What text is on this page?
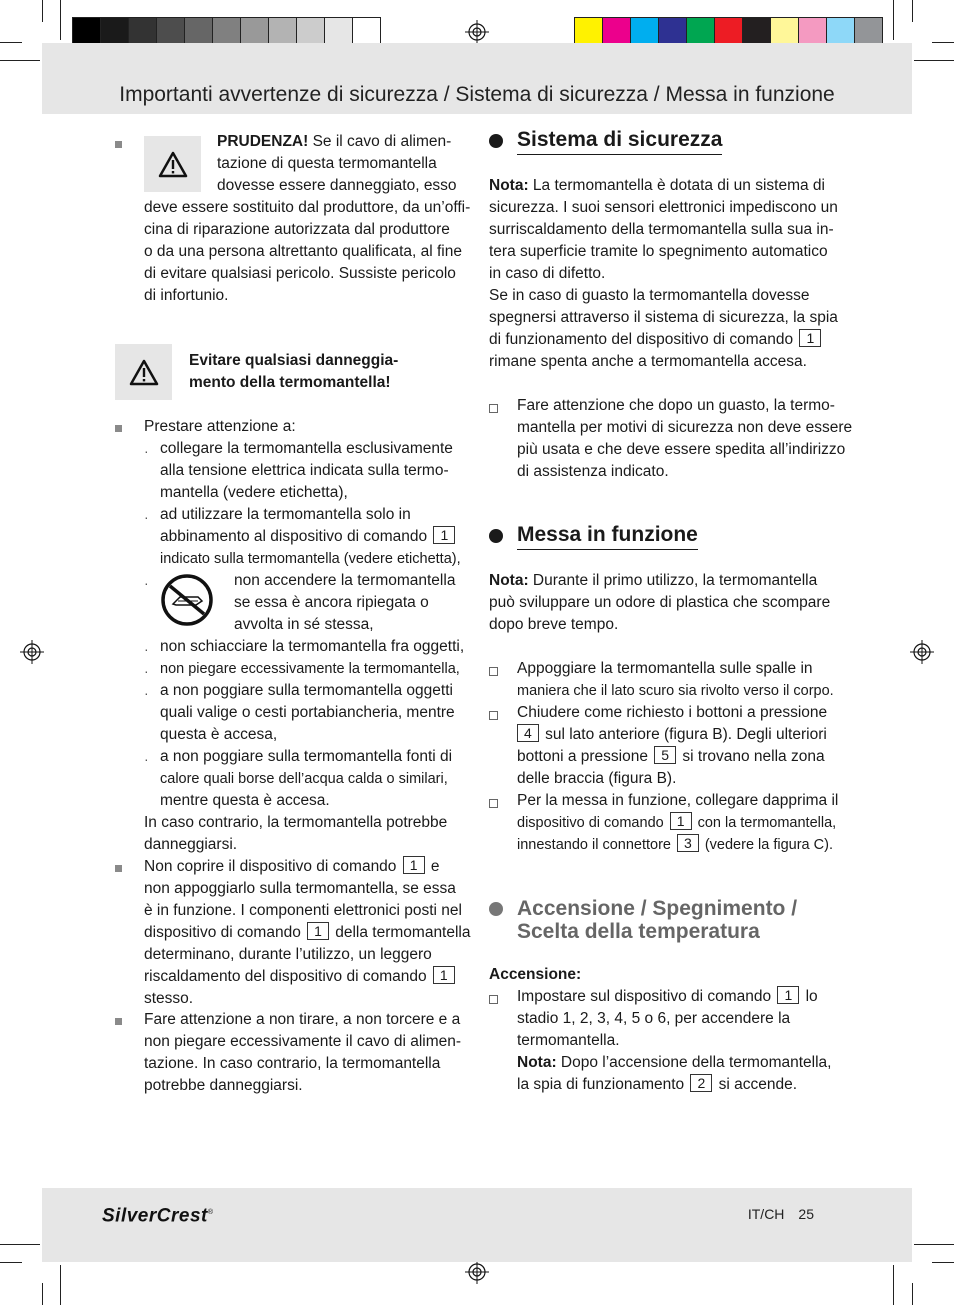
Importanti avvertenze di sicurezza / Sistema di sicurezza / Messa in funzione

PRUDENZA! Se il cavo di alimen-

tazione di questa termomantella

dovesse essere danneggiato, esso

deve essere sostituito dal produttore, da un’offi-

cina di riparazione autorizzata dal produttore

o da una persona altrettanto qualificata, al fine

di evitare qualsiasi pericolo. Sussiste pericolo

di infortunio.

Evitare qualsiasi danneggia-

mento della termomantella!

Prestare attenzione a:
· collegare la termomantella esclusivamente

alla tensione elettrica indicata sulla termo-

mantella (vedere etichetta),

· ad utilizzare la termomantella solo in

abbinamento al dispositivo di comando 1

indicato sulla termomantella (vedere etichetta),

·	non accendere la termomantella

se essa è ancora ripiegata o

avvolta in sé stessa,

· non schiacciare la termomantella fra oggetti,
· non piegare eccessivamente la termomantella,
· a non poggiare sulla termomantella oggetti

quali valige o cesti portabiancheria, mentre

questa è accesa,

· a non poggiare sulla termomantella fonti di

calore quali borse dell’acqua calda o similari,

mentre questa è accesa.

In caso contrario, la termomantella potrebbe

danneggiarsi.

Non coprire il dispositivo di comando 1 e

non appoggiarlo sulla termomantella, se essa

è in funzione. I componenti elettronici posti nel

dispositivo di comando 1 della termomantella

determinano, durante l’utilizzo, un leggero

riscaldamento del dispositivo di comando 1

stesso.

Fare attenzione a non tirare, a non torcere e a

non piegare eccessivamente il cavo di alimen-

tazione. In caso contrario, la termomantella

potrebbe danneggiarsi.

Sistema di sicurezza

Nota: La termomantella è dotata di un sistema di

sicurezza. I suoi sensori elettronici impediscono un

surriscaldamento della termomantella sulla sua in-

tera superficie tramite lo spegnimento automatico

in caso di difetto.

Se in caso di guasto la termomantella dovesse

spegnersi attraverso il sistema di sicurezza, la spia

di funzionamento del dispositivo di comando 1

rimane spenta anche a termomantella accesa.

Fare attenzione che dopo un guasto, la termo-

mantella per motivi di sicurezza non deve essere

più usata e che deve essere spedita all’indirizzo

di assistenza indicato.

Messa in funzione

Nota: Durante il primo utilizzo, la termomantella

può sviluppare un odore di plastica che scompare

dopo breve tempo.

Appoggiare la termomantella sulle spalle in

maniera che il lato scuro sia rivolto verso il corpo.

Chiudere come richiesto i bottoni a pressione

4 sul lato anteriore (figura B). Degli ulteriori

bottoni a pressione 5 si trovano nella zona

delle braccia (figura B).

Per la messa in funzione, collegare dapprima il

dispositivo di comando 1 con la termomantella,

innestando il connettore 3 (vedere la figura C).

Accensione / Spegnimento /

Scelta della temperatura

Accensione:

Impostare sul dispositivo di comando 1 lo

stadio 1, 2, 3, 4, 5 o 6, per accendere la

termomantella.

Nota: Dopo l’accensione della termomantella,

la spia di funzionamento 2 si accende.

SilverCrest®	IT/CH 25
